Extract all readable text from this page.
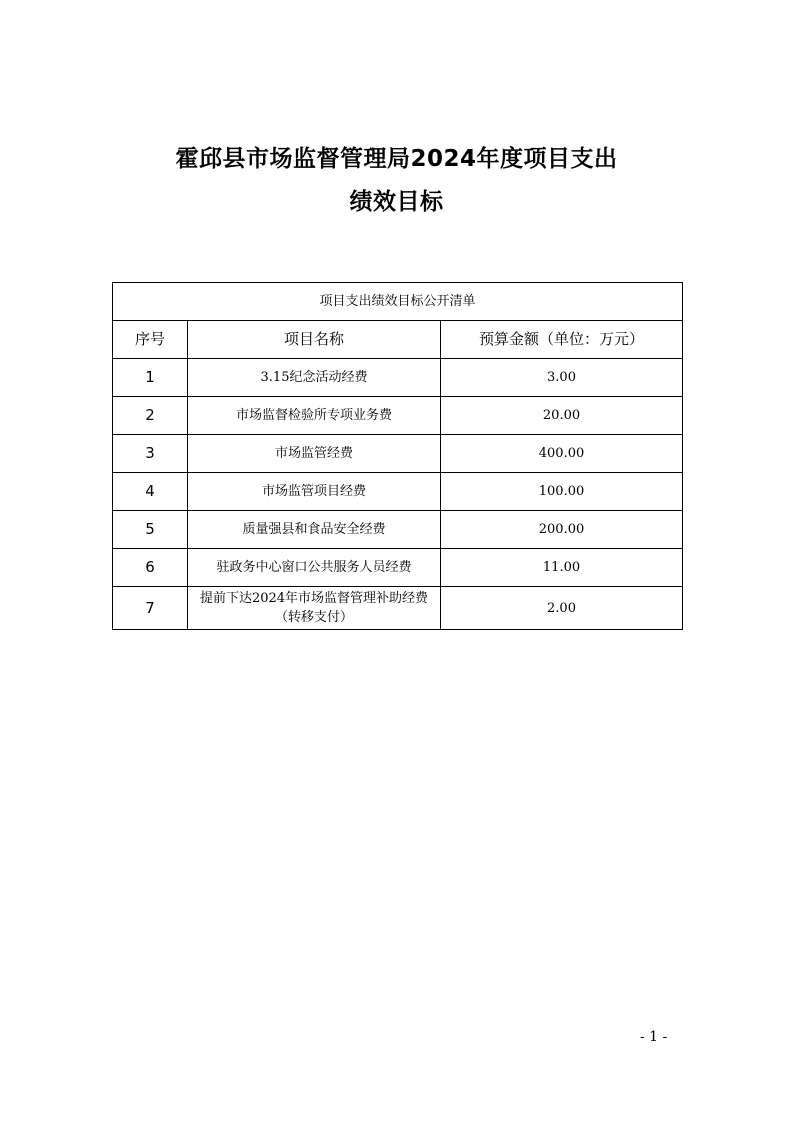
霍邱县市场监督管理局2024年度项目支出
绩效目标
项目支出绩效目标公开清单		
序号	项目名称	预算金额（单位：万元）
1	3.15纪念活动经费	3.00
2	市场监督检验所专项业务费	20.00
3	市场监管经费	400.00
4	市场监管项目经费	100.00
5	质量强县和食品安全经费	200.00
6	驻政务中心窗口公共服务人员经费	11.00
7	提前下达2024年市场监督管理补助经费（转移支付）	2.00
- 1 -
